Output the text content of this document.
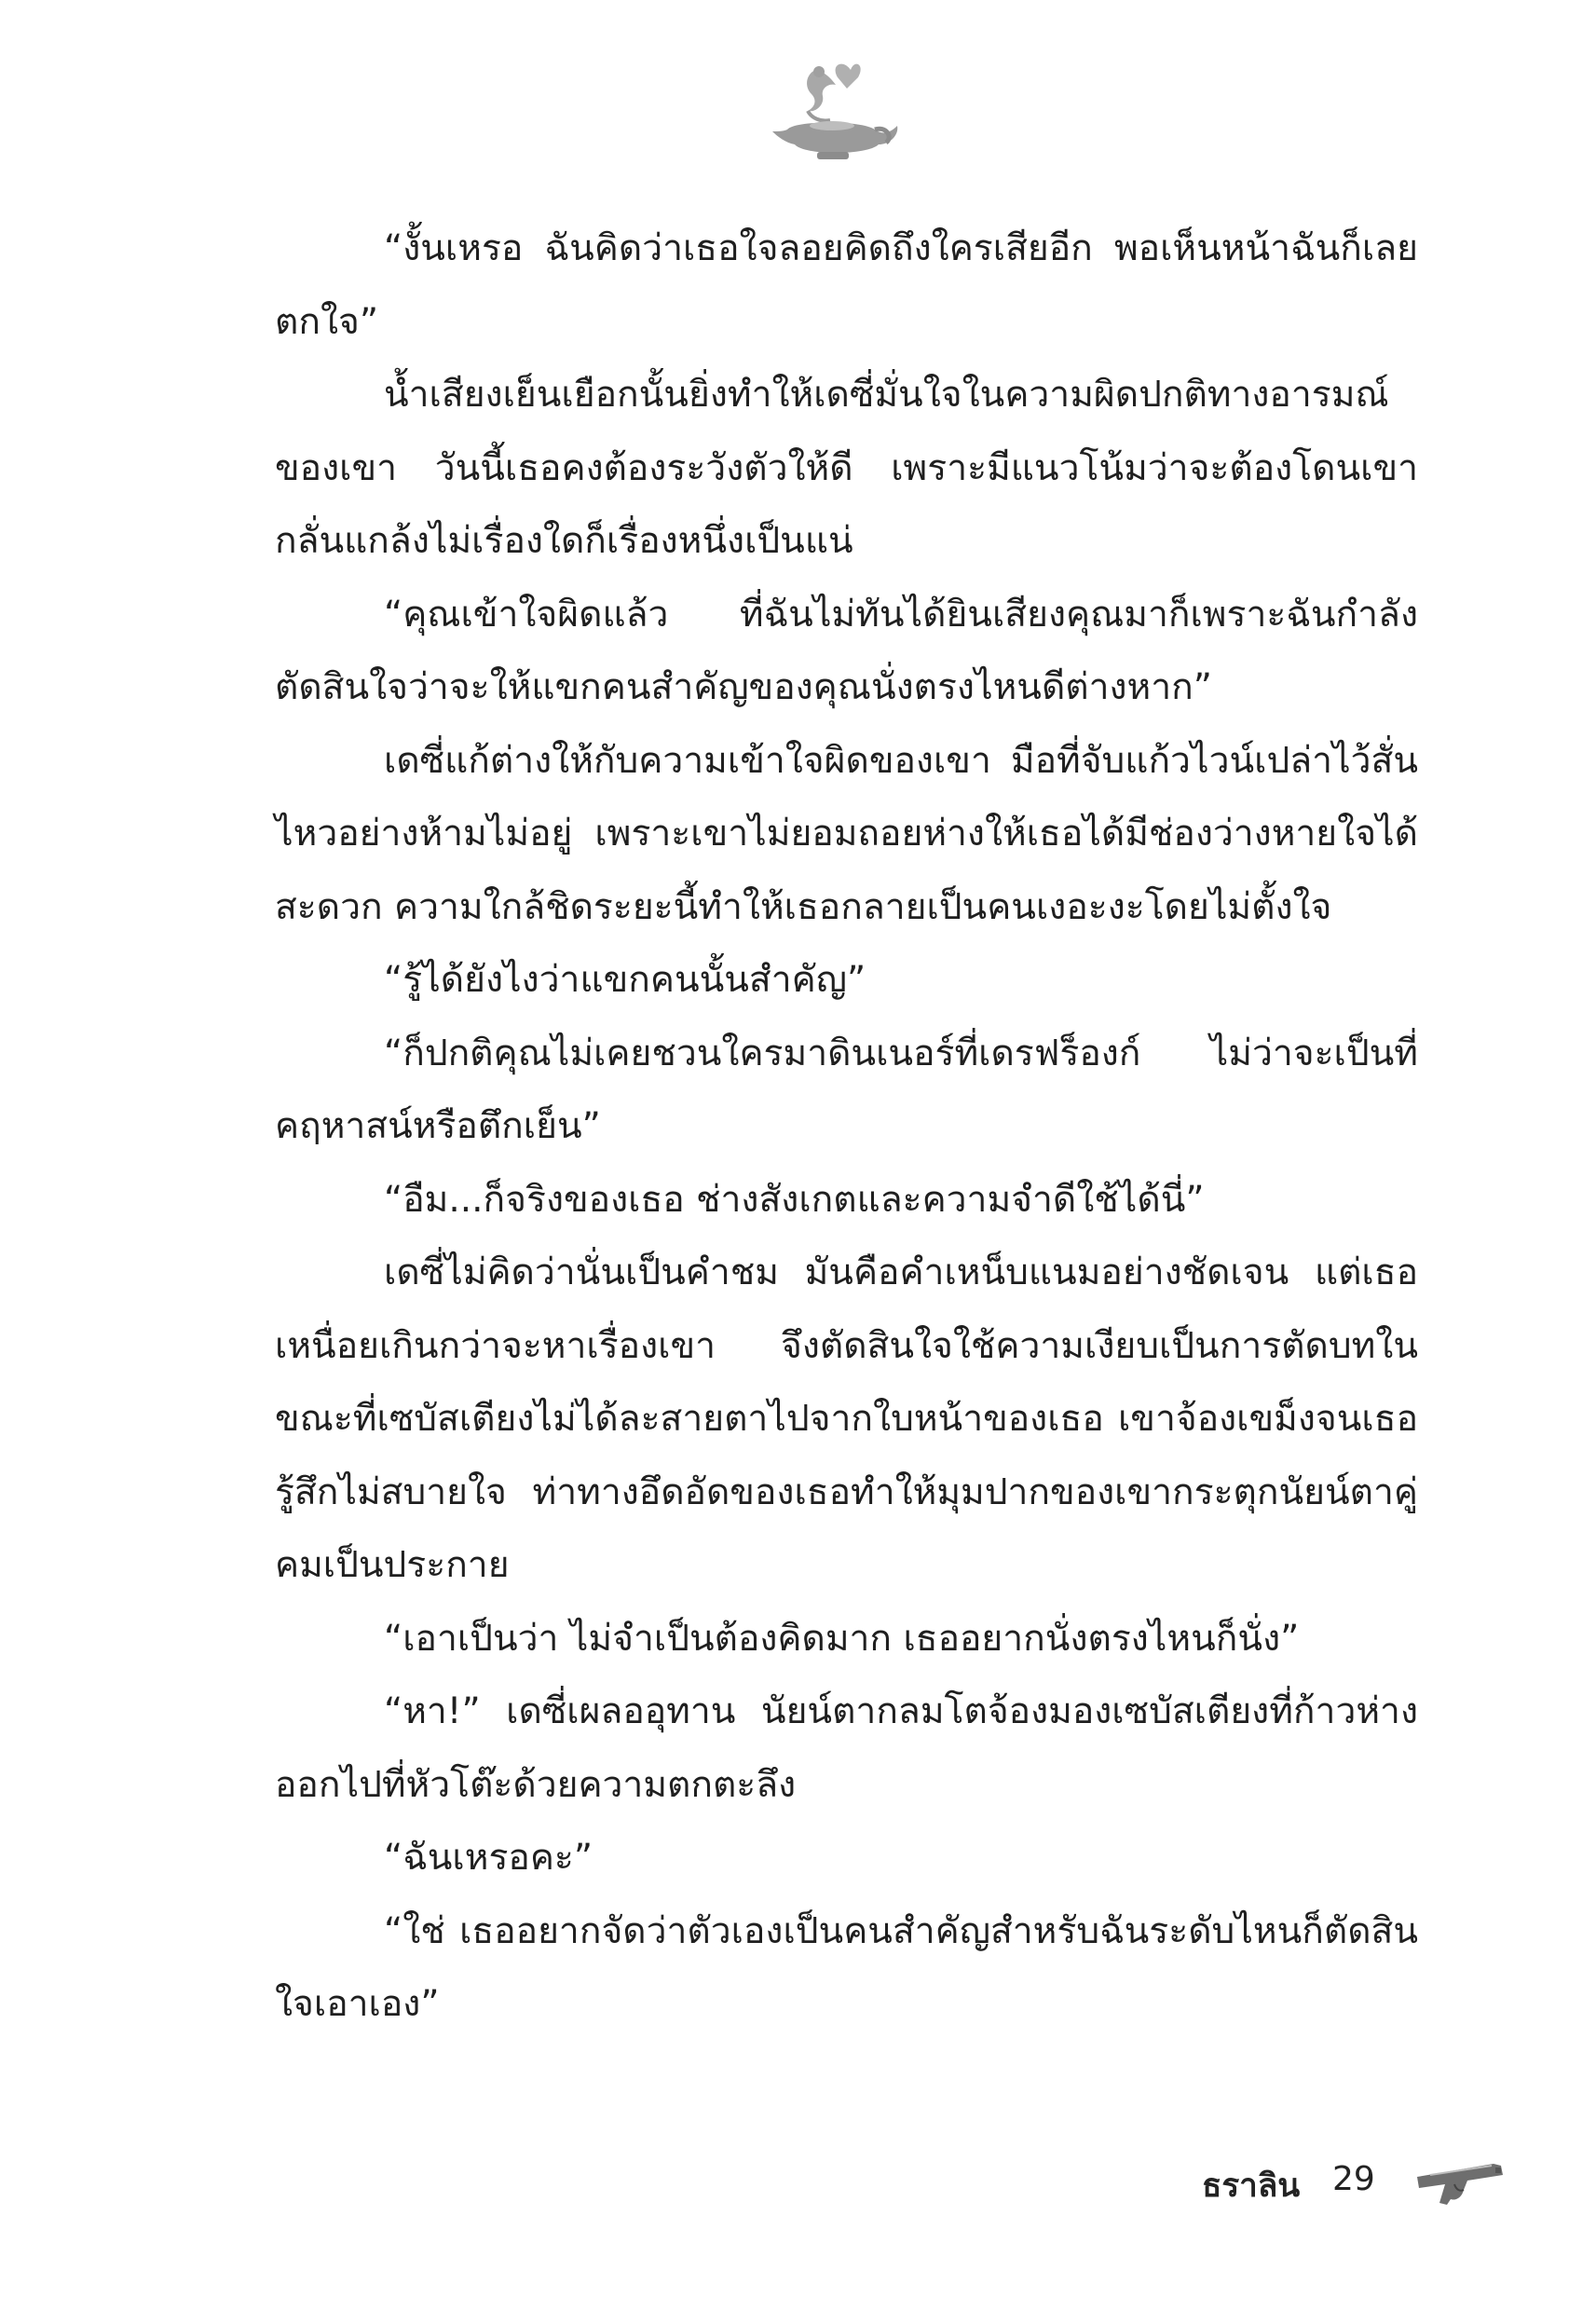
“งั้นเหรอ ฉันคิดว่าเธอใจลอยคิดถึงใครเสียอีก พอเห็นหน้าฉันก็เลยตกใจ”

น้ำเสียงเย็นเยือกนั้นยิ่งทำให้เดซี่มั่นใจในความผิดปกติทางอารมณ์ของเขา วันนี้เธอคงต้องระวังตัวให้ดี เพราะมีแนวโน้มว่าจะต้องโดนเขากลั่นแกล้งไม่เรื่องใดก็เรื่องหนึ่งเป็นแน่

“คุณเข้าใจผิดแล้ว ที่ฉันไม่ทันได้ยินเสียงคุณมาก็เพราะฉันกำลังตัดสินใจว่าจะให้แขกคนสำคัญของคุณนั่งตรงไหนดีต่างหาก”

เดซี่แก้ต่างให้กับความเข้าใจผิดของเขา มือที่จับแก้วไวน์เปล่าไว้สั่นไหวอย่างห้ามไม่อยู่ เพราะเขาไม่ยอมถอยห่างให้เธอได้มีช่องว่างหายใจได้สะดวก ความใกล้ชิดระยะนี้ทำให้เธอกลายเป็นคนเงอะงะโดยไม่ตั้งใจ

“รู้ได้ยังไงว่าแขกคนนั้นสำคัญ”

“ก็ปกติคุณไม่เคยชวนใครมาดินเนอร์ที่เดรฟร็องก์ ไม่ว่าจะเป็นที่คฤหาสน์หรือตึกเย็น”

“อืม...ก็จริงของเธอ ช่างสังเกตและความจำดีใช้ได้นี่”

เดซี่ไม่คิดว่านั่นเป็นคำชม มันคือคำเหน็บแนมอย่างชัดเจน แต่เธอเหนื่อยเกินกว่าจะหาเรื่องเขา จึงตัดสินใจใช้ความเงียบเป็นการตัดบทในขณะที่เซบัสเตียงไม่ได้ละสายตาไปจากใบหน้าของเธอ เขาจ้องเขม็งจนเธอรู้สึกไม่สบายใจ ท่าทางอึดอัดของเธอทำให้มุมปากของเขากระตุกนัยน์ตาคู่คมเป็นประกาย

“เอาเป็นว่า ไม่จำเป็นต้องคิดมาก เธออยากนั่งตรงไหนก็นั่ง”

“หา!” เดซี่เผลออุทาน นัยน์ตากลมโตจ้องมองเซบัสเตียงที่ก้าวห่างออกไปที่หัวโต๊ะด้วยความตกตะลึง

“ฉันเหรอคะ”

“ใช่ เธออยากจัดว่าตัวเองเป็นคนสำคัญสำหรับฉันระดับไหนก็ตัดสินใจเอาเอง”

ธราลิน 29
